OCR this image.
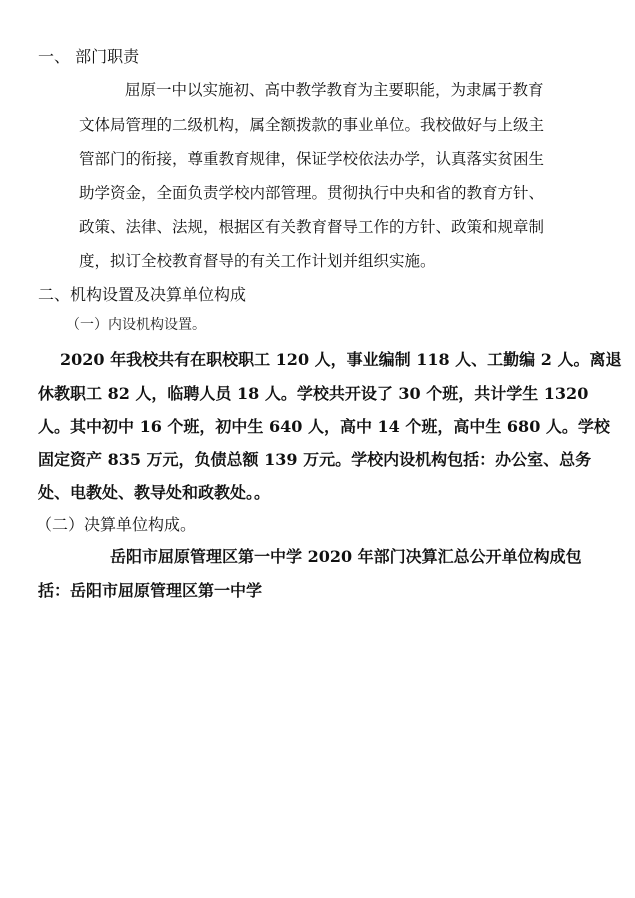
一、 部门职责

屈原一中以实施初、高中教学教育为主要职能，为隶属于教育

文体局管理的二级机构，属全额拨款的事业单位。我校做好与上级主

管部门的衔接，尊重教育规律，保证学校依法办学，认真落实贫困生

助学资金，全面负责学校内部管理。贯彻执行中央和省的教育方针、

政策、法律、法规，根据区有关教育督导工作的方针、政策和规章制

度，拟订全校教育督导的有关工作计划并组织实施。

二、机构设置及决算单位构成

（一）内设机构设置。

2020 年我校共有在职校职工 120 人，事业编制 118 人、工勤编 2 人。离退

休教职工 82 人，临聘人员 18 人。学校共开设了 30 个班，共计学生 1320

人。其中初中 16 个班，初中生 640 人，高中 14 个班，高中生 680 人。学校

固定资产 835 万元，负债总额 139 万元。学校内设机构包括：办公室、总务

处、电教处、教导处和政教处。。

（二）决算单位构成。

岳阳市屈原管理区第一中学 2020 年部门决算汇总公开单位构成包

括：岳阳市屈原管理区第一中学
